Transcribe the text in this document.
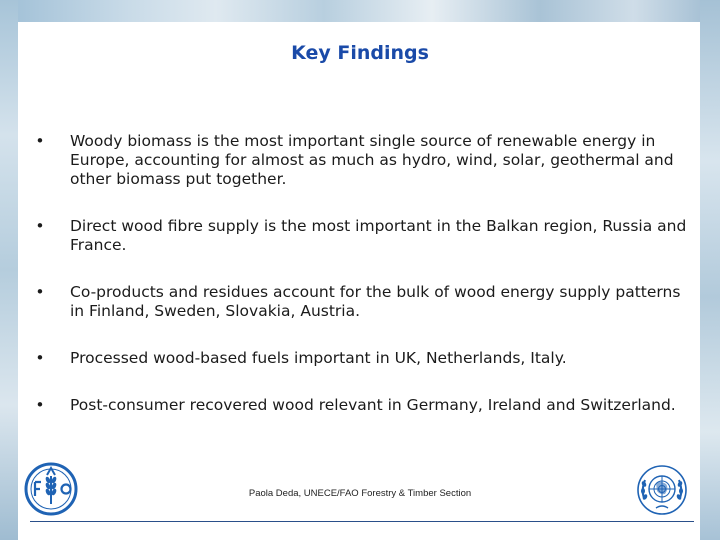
Key Findings
•	Woody biomass is the most important single source of renewable energy in Europe, accounting for almost as much as hydro, wind, solar, geothermal and other biomass put together.
•	Direct wood fibre supply is the most important in the Balkan region, Russia and France.
•	Co-products and residues account for the bulk of wood energy supply patterns in Finland, Sweden, Slovakia, Austria.
•	Processed wood-based fuels important in UK, Netherlands, Italy.
•	Post-consumer recovered wood relevant in Germany, Ireland and Switzerland.
Paola Deda, UNECE/FAO Forestry & Timber Section
